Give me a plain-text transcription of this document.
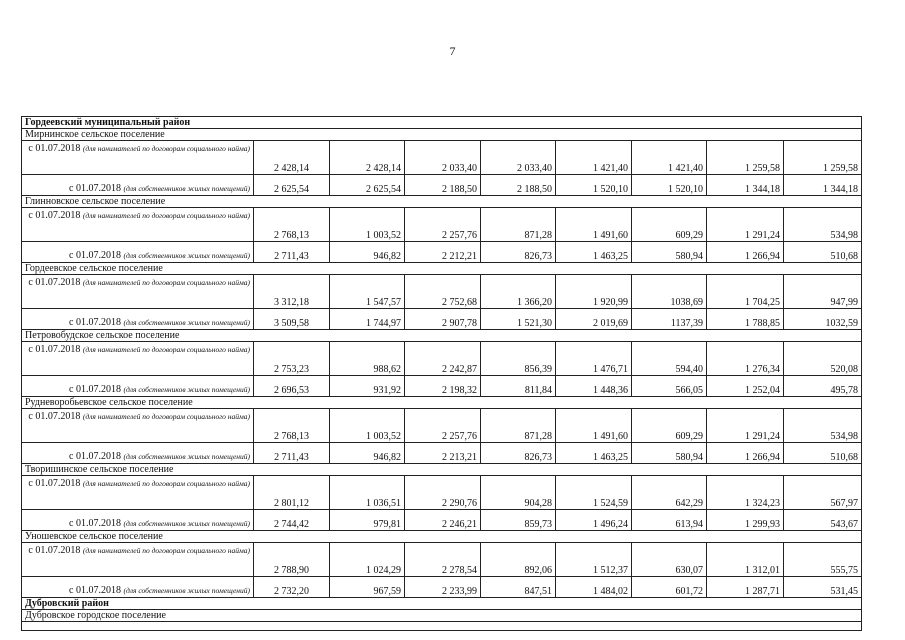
7
Гордеевский муниципальный район								
Мирнинское сельское поселение								
с 01.07.2018 (для нанимателей по договорам социального найма)	2 428,14	2 428,14	2 033,40	2 033,40	1 421,40	1 421,40	1 259,58	1 259,58
с 01.07.2018 (для собственников жилых помещений)	2 625,54	2 625,54	2 188,50	2 188,50	1 520,10	1 520,10	1 344,18	1 344,18
Глинновское сельское поселение								
с 01.07.2018 (для нанимателей по договорам социального найма)	2 768,13	1 003,52	2 257,76	871,28	1 491,60	609,29	1 291,24	534,98
с 01.07.2018 (для собственников жилых помещений)	2 711,43	946,82	2 212,21	826,73	1 463,25	580,94	1 266,94	510,68
Гордеевское сельское поселение								
с 01.07.2018 (для нанимателей по договорам социального найма)	3 312,18	1 547,57	2 752,68	1 366,20	1 920,99	1038,69	1 704,25	947,99
с 01.07.2018 (для собственников жилых помещений)	3 509,58	1 744,97	2 907,78	1 521,30	2 019,69	1137,39	1 788,85	1032,59
Петровобудское сельское поселение								
с 01.07.2018 (для нанимателей по договорам социального найма)	2 753,23	988,62	2 242,87	856,39	1 476,71	594,40	1 276,34	520,08
с 01.07.2018 (для собственников жилых помещений)	2 696,53	931,92	2 198,32	811,84	1 448,36	566,05	1 252,04	495,78
Рудневоробьевское сельское поселение								
с 01.07.2018 (для нанимателей по договорам социального найма)	2 768,13	1 003,52	2 257,76	871,28	1 491,60	609,29	1 291,24	534,98
с 01.07.2018 (для собственников жилых помещений)	2 711,43	946,82	2 213,21	826,73	1 463,25	580,94	1 266,94	510,68
Творишинское сельское поселение								
с 01.07.2018 (для нанимателей по договорам социального найма)	2 801,12	1 036,51	2 290,76	904,28	1 524,59	642,29	1 324,23	567,97
с 01.07.2018 (для собственников жилых помещений)	2 744,42	979,81	2 246,21	859,73	1 496,24	613,94	1 299,93	543,67
Уношевское сельское поселение								
с 01.07.2018 (для нанимателей по договорам социального найма)	2 788,90	1 024,29	2 278,54	892,06	1 512,37	630,07	1 312,01	555,75
с 01.07.2018 (для собственников жилых помещений)	2 732,20	967,59	2 233,99	847,51	1 484,02	601,72	1 287,71	531,45
Дубровский район								
Дубровское городское поселение								
